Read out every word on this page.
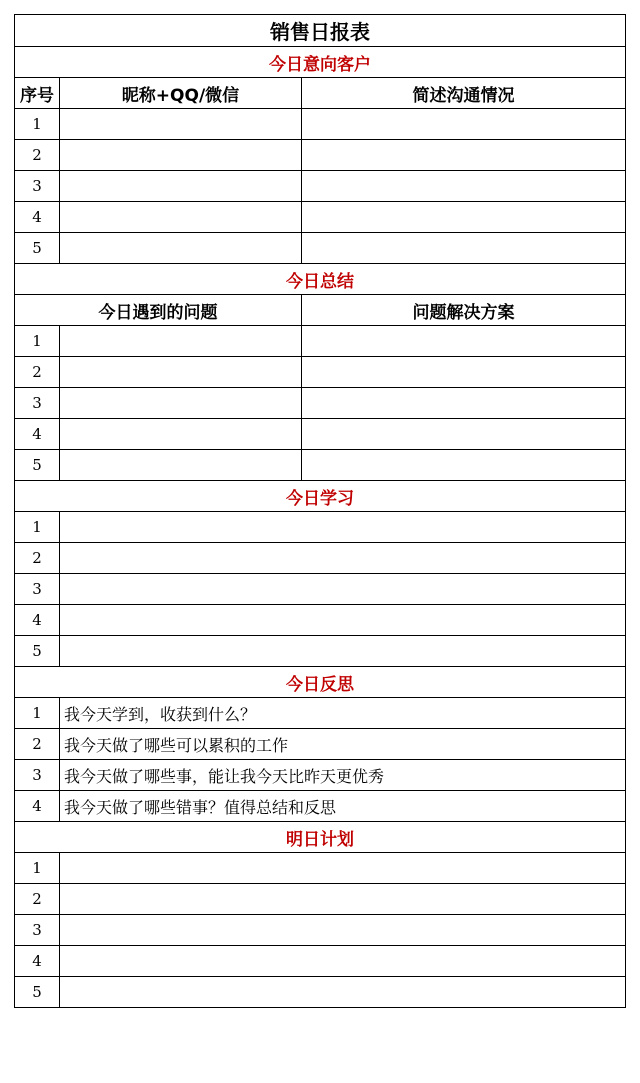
销售日报表		
今日意向客户		
序号	昵称+QQ/微信	简述沟通情况
1		
2		
3		
4		
5		
今日总结		
今日遇到的问题		问题解决方案
1		
2		
3		
4		
5		
今日学习		
1		
2		
3		
4		
5		
今日反思		
1	我今天学到，收获到什么？	
2	我今天做了哪些可以累积的工作	
3	我今天做了哪些事，能让我今天比昨天更优秀	
4	我今天做了哪些错事？值得总结和反思	
明日计划		
1		
2		
3		
4		
5		
